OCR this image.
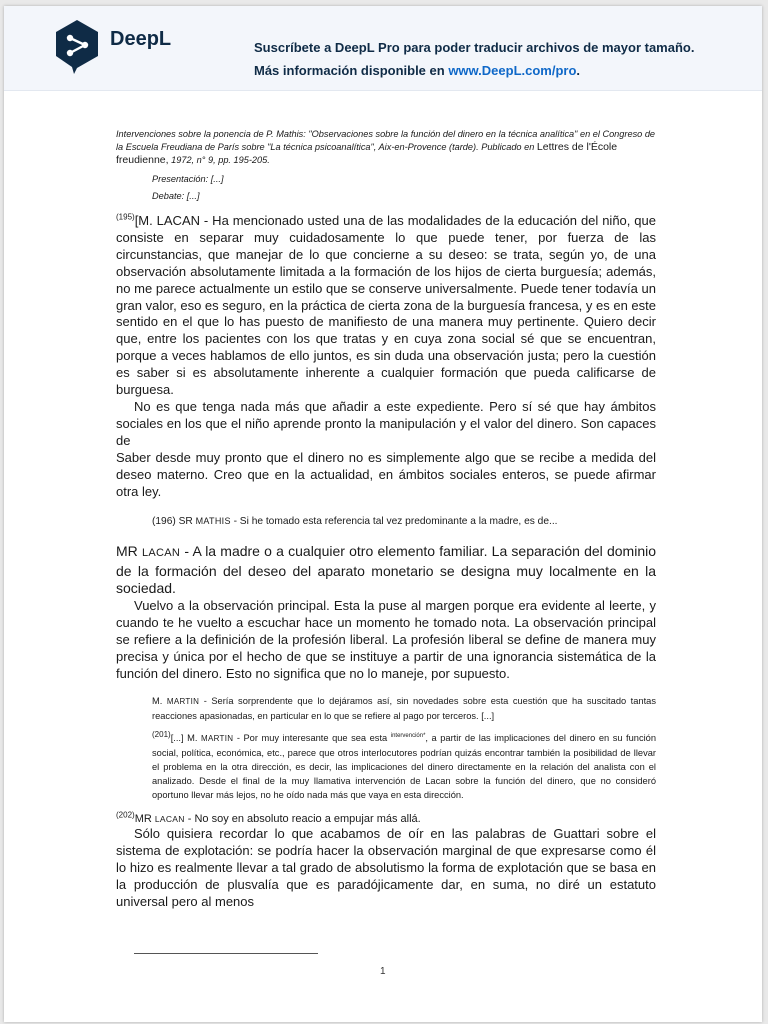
DeepL	Suscríbete a DeepL Pro para poder traducir archivos de mayor tamaño.
Más información disponible en www.DeepL.com/pro.

Intervenciones sobre la ponencia de P. Mathis: "Observaciones sobre la función del dinero en la técnica analítica" en el Congreso de la Escuela Freudiana de París sobre "La técnica psicoanalítica", Aix-en-Provence (tarde). Publicado en Lettres de l'École freudienne, 1972, n° 9, pp. 195-205.

Presentación: [...]
Debate: [...]

$^{(195)}$[M. LACAN - Ha mencionado usted una de las modalidades de la educación del niño, que consiste en separar muy cuidadosamente lo que puede tener, por fuerza de las circunstancias, que manejar de lo que concierne a su deseo: se trata, según yo, de una observación absolutamente limitada a la formación de los hijos de cierta burguesía; además, no me parece actualmente un estilo que se conserve universalmente. Puede tener todavía un gran valor, eso es seguro, en la práctica de cierta zona de la burguesía francesa, y es en este sentido en el que lo has puesto de manifiesto de una manera muy pertinente. Quiero decir que, entre los pacientes con los que tratas y en cuya zona social sé que se encuentran, porque a veces hablamos de ello juntos, es sin duda una observación justa; pero la cuestión es saber si es absolutamente inherente a cualquier formación que pueda calificarse de burguesa.

No es que tenga nada más que añadir a este expediente. Pero sí sé que hay ámbitos sociales en los que el niño aprende pronto la manipulación y el valor del dinero. Son capaces de

Saber desde muy pronto que el dinero no es simplemente algo que se recibe a medida del deseo materno. Creo que en la actualidad, en ámbitos sociales enteros, se puede afirmar otra ley.

(196) SR MATHIS - Si he tomado esta referencia tal vez predominante a la madre, es de...

MR LACAN - A la madre o a cualquier otro elemento familiar. La separación del dominio de la formación del deseo del aparato monetario se designa muy localmente en la sociedad.

Vuelvo a la observación principal. Esta la puse al margen porque era evidente al leerte, y cuando te he vuelto a escuchar hace un momento he tomado nota. La observación principal se refiere a la definición de la profesión liberal. La profesión liberal se define de manera muy precisa y única por el hecho de que se instituye a partir de una ignorancia sistemática de la función del dinero. Esto no significa que no lo maneje, por supuesto.

M. MARTIN - Sería sorprendente que lo dejáramos así, sin novedades sobre esta cuestión que ha suscitado tantas reacciones apasionadas, en particular en lo que se refiere al pago por terceros. [...]

(201)[...] M. MARTIN - Por muy interesante que sea esta $^{intervención*}$, a partir de las implicaciones del dinero en su función social, política, económica, etc., parece que otros interlocutores podrían quizás encontrar también la posibilidad de llevar el problema en la otra dirección, es decir, las implicaciones del dinero directamente en la relación del analista con el analizado. Desde el final de la muy llamativa intervención de Lacan sobre la función del dinero, que no consideró oportuno llevar más lejos, no he oído nada más que vaya en esta dirección.

$^{(202)}$MR LACAN - No soy en absoluto reacio a empujar más allá.

Sólo quisiera recordar lo que acabamos de oír en las palabras de Guattari sobre el sistema de explotación: se podría hacer la observación marginal de que expresarse como él lo hizo es realmente llevar a tal grado de absolutismo la forma de explotación que se basa en la producción de plusvalía que es paradójicamente dar, en suma, no diré un estatuto universal pero al menos

1
